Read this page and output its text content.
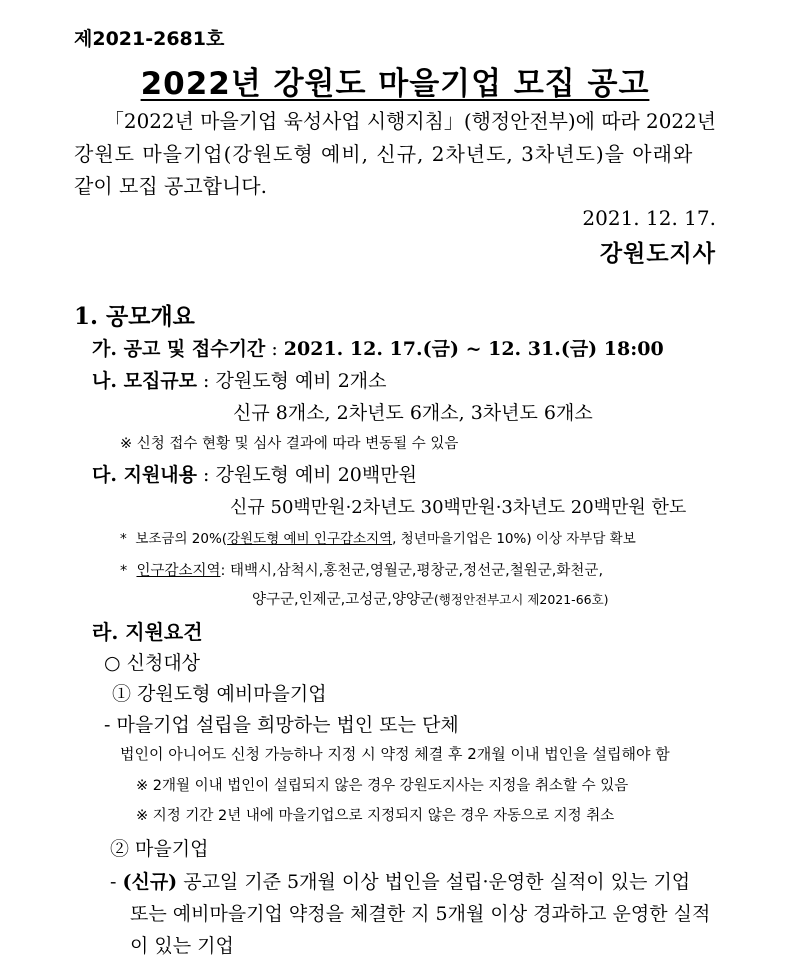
제2021-2681호
2022년 강원도 마을기업 모집 공고
「2022년 마을기업 육성사업 시행지침」(행정안전부)에 따라 2022년
강원도 마을기업(강원도형 예비, 신규, 2차년도, 3차년도)을 아래와
같이 모집 공고합니다.
2021. 12. 17.
강원도지사
1. 공모개요
가. 공고 및 접수기간 : 2021. 12. 17.(금) ~ 12. 31.(금) 18:00
나. 모집규모 : 강원도형 예비 2개소
신규 8개소, 2차년도 6개소, 3차년도 6개소
※ 신청 접수 현황 및 심사 결과에 따라 변동될 수 있음
다. 지원내용 : 강원도형 예비 20백만원
신규 50백만원·2차년도 30백만원·3차년도 20백만원 한도
* 보조금의 20%(강원도형 예비 인구감소지역, 청년마을기업은 10%) 이상 자부담 확보
* 인구감소지역: 태백시,삼척시,홍천군,영월군,평창군,정선군,철원군,화천군,
양구군,인제군,고성군,양양군(행정안전부고시 제2021-66호)
라. 지원요건
○ 신청대상
① 강원도형 예비마을기업
- 마을기업 설립을 희망하는 법인 또는 단체
법인이 아니어도 신청 가능하나 지정 시 약정 체결 후 2개월 이내 법인을 설립해야 함
※ 2개월 이내 법인이 설립되지 않은 경우 강원도지사는 지정을 취소할 수 있음
※ 지정 기간 2년 내에 마을기업으로 지정되지 않은 경우 자동으로 지정 취소
② 마을기업
- (신규) 공고일 기준 5개월 이상 법인을 설립·운영한 실적이 있는 기업
또는 예비마을기업 약정을 체결한 지 5개월 이상 경과하고 운영한 실적
이 있는 기업
